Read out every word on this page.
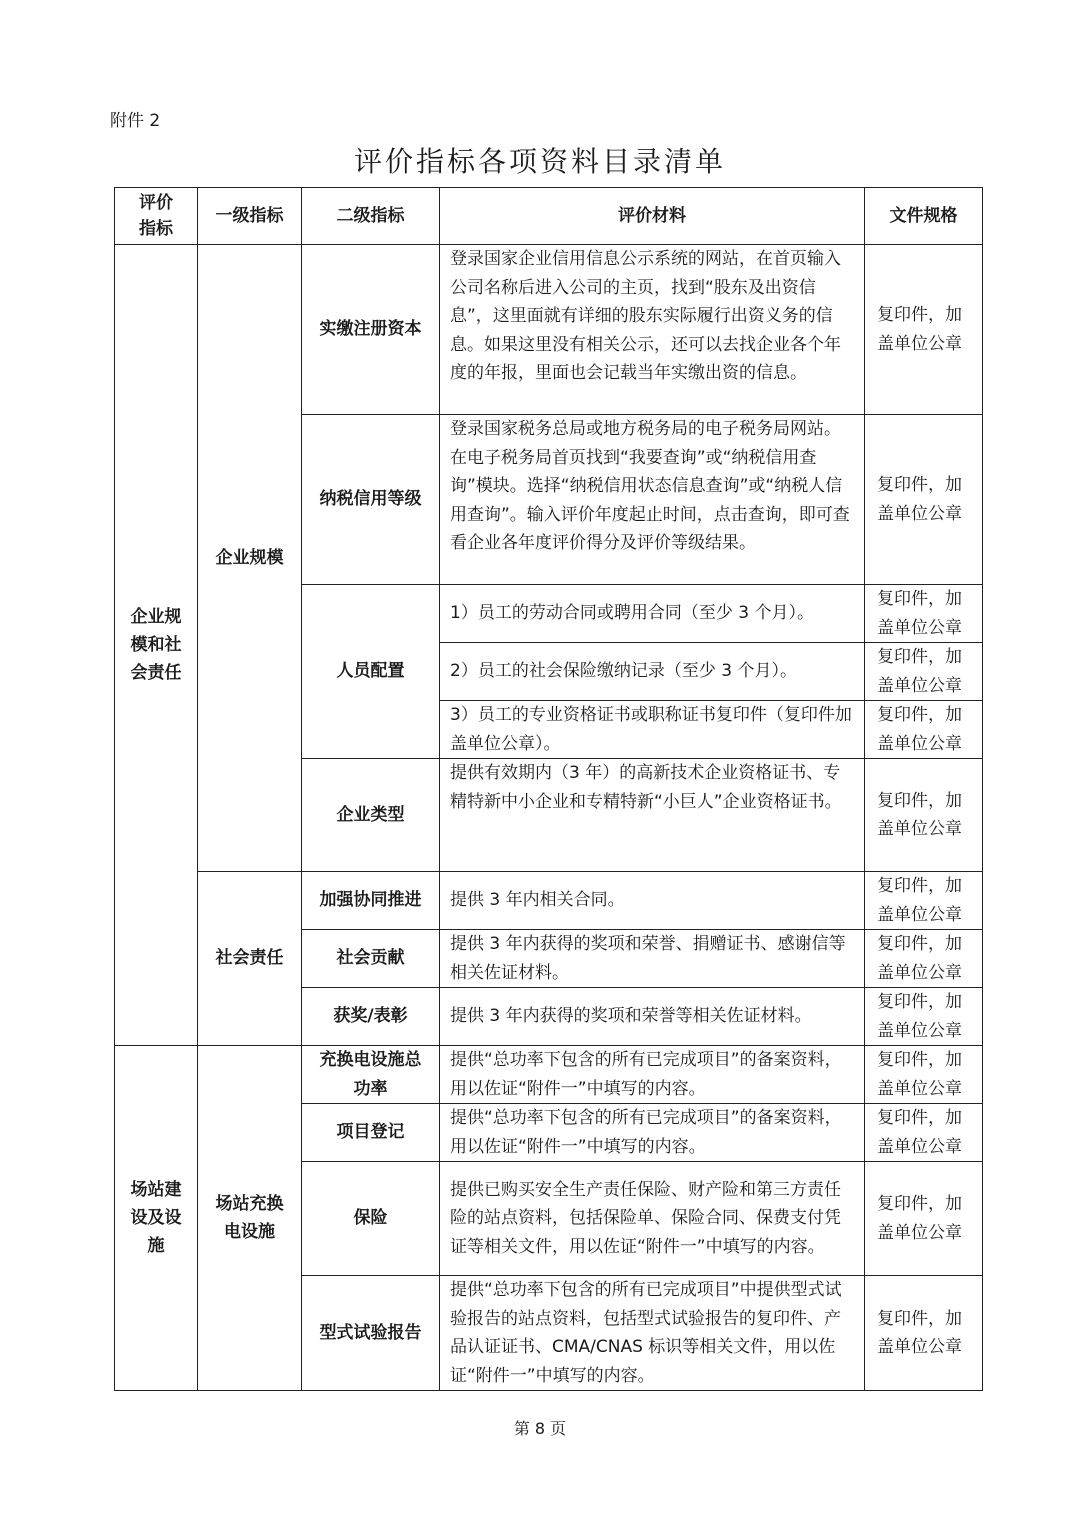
附件 2
评价指标各项资料目录清单
评价指标	一级指标	二级指标	评价材料	文件规格
企业规模和社会责任	企业规模	实缴注册资本	登录国家企业信用信息公示系统的网站，在首页输入公司名称后进入公司的主页，找到“股东及出资信息”，这里面就有详细的股东实际履行出资义务的信息。如果这里没有相关公示，还可以去找企业各个年度的年报，里面也会记载当年实缴出资的信息。	复印件，加盖单位公章
		纳税信用等级	登录国家税务总局或地方税务局的电子税务局网站。在电子税务局首页找到“我要查询”或“纳税信用查询”模块。选择“纳税信用状态信息查询”或“纳税人信用查询”。输入评价年度起止时间，点击查询，即可查看企业各年度评价得分及评价等级结果。	复印件，加盖单位公章
		人员配置	1）员工的劳动合同或聘用合同（至少 3 个月）。	复印件，加盖单位公章
			2）员工的社会保险缴纳记录（至少 3 个月）。	复印件，加盖单位公章
			3）员工的专业资格证书或职称证书复印件（复印件加盖单位公章）。	复印件，加盖单位公章
		企业类型	提供有效期内（3 年）的高新技术企业资格证书、专精特新中小企业和专精特新“小巨人”企业资格证书。	复印件，加盖单位公章
	社会责任	加强协同推进	提供 3 年内相关合同。	复印件，加盖单位公章
		社会贡献	提供 3 年内获得的奖项和荣誉、捐赠证书、感谢信等相关佐证材料。	复印件，加盖单位公章
		获奖/表彰	提供 3 年内获得的奖项和荣誉等相关佐证材料。	复印件，加盖单位公章
场站建设及设施	场站充换电设施	充换电设施总功率	提供“总功率下包含的所有已完成项目”的备案资料，用以佐证“附件一”中填写的内容。	复印件，加盖单位公章
		项目登记	提供“总功率下包含的所有已完成项目”的备案资料，用以佐证“附件一”中填写的内容。	复印件，加盖单位公章
		保险	提供已购买安全生产责任保险、财产险和第三方责任险的站点资料，包括保险单、保险合同、保费支付凭证等相关文件，用以佐证“附件一”中填写的内容。	复印件，加盖单位公章
		型式试验报告	提供“总功率下包含的所有已完成项目”中提供型式试验报告的站点资料，包括型式试验报告的复印件、产品认证证书、CMA/CNAS 标识等相关文件，用以佐证“附件一”中填写的内容。	复印件，加盖单位公章
第 8 页
